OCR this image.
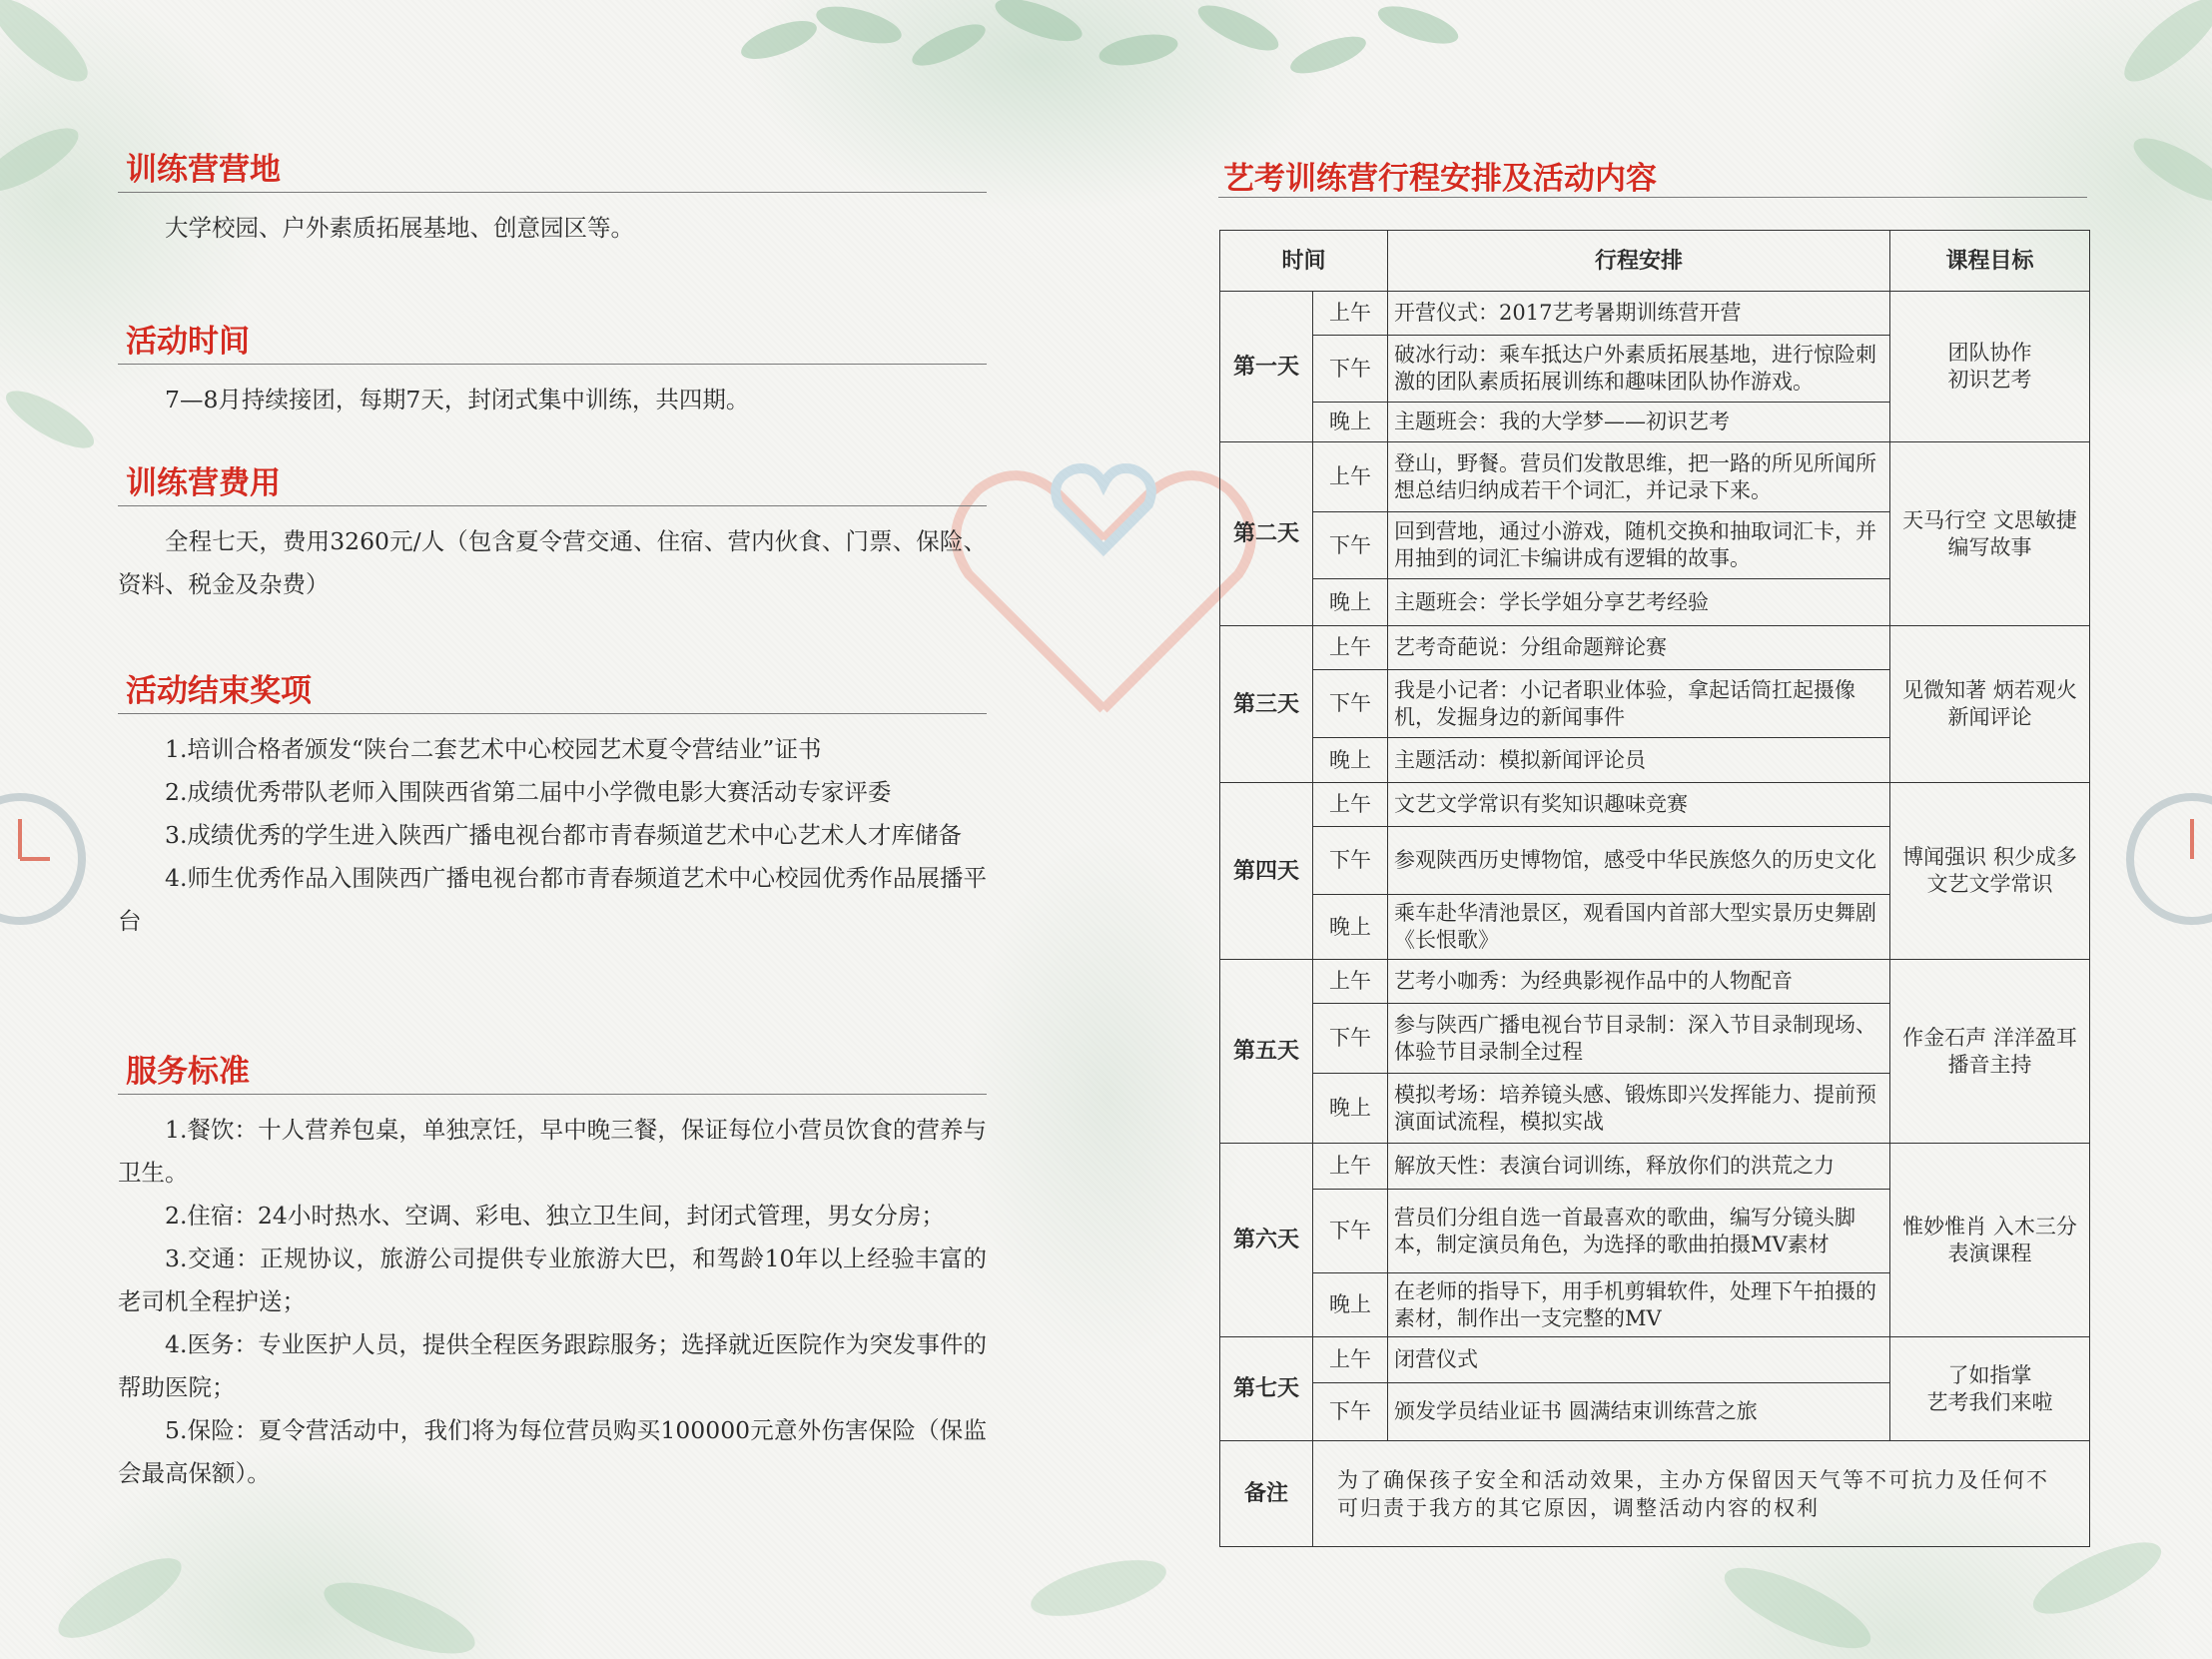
训练营营地

大学校园、户外素质拓展基地、创意园区等。

活动时间

7—8月持续接团，每期7天，封闭式集中训练，共四期。

训练营费用

全程七天，费用3260元/人（包含夏令营交通、住宿、营内伙食、门票、保险、资料、税金及杂费）

活动结束奖项

1.培训合格者颁发“陕台二套艺术中心校园艺术夏令营结业”证书

2.成绩优秀带队老师入围陕西省第二届中小学微电影大赛活动专家评委

3.成绩优秀的学生进入陕西广播电视台都市青春频道艺术中心艺术人才库储备

4.师生优秀作品入围陕西广播电视台都市青春频道艺术中心校园优秀作品展播平台

服务标准

1.餐饮：十人营养包桌，单独烹饪，早中晚三餐，保证每位小营员饮食的营养与卫生。

2.住宿：24小时热水、空调、彩电、独立卫生间，封闭式管理，男女分房；

3.交通：正规协议，旅游公司提供专业旅游大巴，和驾龄10年以上经验丰富的老司机全程护送；

4.医务：专业医护人员，提供全程医务跟踪服务；选择就近医院作为突发事件的帮助医院；

5.保险：夏令营活动中，我们将为每位营员购买100000元意外伤害保险（保监会最高保额）。

艺考训练营行程安排及活动内容
时间		行程安排	课程目标
第一天	上午	开营仪式：2017艺考暑期训练营开营	团队协作
初识艺考

	下午	破冰行动：乘车抵达户外素质拓展基地，进行惊险刺激的团队素质拓展训练和趣味团队协作游戏。	
	晚上	主题班会：我的大学梦——初识艺考	
第二天	上午	登山，野餐。营员们发散思维，把一路的所见所闻所想总结归纳成若干个词汇，并记录下来。	天马行空 文思敏捷
编写故事

	下午	回到营地，通过小游戏，随机交换和抽取词汇卡，并用抽到的词汇卡编讲成有逻辑的故事。	
	晚上	主题班会：学长学姐分享艺考经验	
第三天	上午	艺考奇葩说：分组命题辩论赛	见微知著 炳若观火
新闻评论

	下午	我是小记者：小记者职业体验，拿起话筒扛起摄像机，发掘身边的新闻事件	
	晚上	主题活动：模拟新闻评论员	
第四天	上午	文艺文学常识有奖知识趣味竞赛	博闻强识 积少成多
文艺文学常识

	下午	参观陕西历史博物馆，感受中华民族悠久的历史文化	
	晚上	乘车赴华清池景区，观看国内首部大型实景历史舞剧《长恨歌》	
第五天	上午	艺考小咖秀：为经典影视作品中的人物配音	作金石声 洋洋盈耳
播音主持

	下午	参与陕西广播电视台节目录制：深入节目录制现场、体验节目录制全过程	
	晚上	模拟考场：培养镜头感、锻炼即兴发挥能力、提前预演面试流程，模拟实战	
第六天	上午	解放天性：表演台词训练，释放你们的洪荒之力	惟妙惟肖 入木三分
表演课程

	下午	营员们分组自选一首最喜欢的歌曲，编写分镜头脚本，制定演员角色，为选择的歌曲拍摄MV素材	
	晚上	在老师的指导下，用手机剪辑软件，处理下午拍摄的素材，制作出一支完整的MV	
第七天	上午	闭营仪式	了如指掌
艺考我们来啦

	下午	颁发学员结业证书 圆满结束训练营之旅	
备注	为了确保孩子安全和活动效果，主办方保留因天气等不可抗力及任何不可归责于我方的其它原因，调整活动内容的权利		
